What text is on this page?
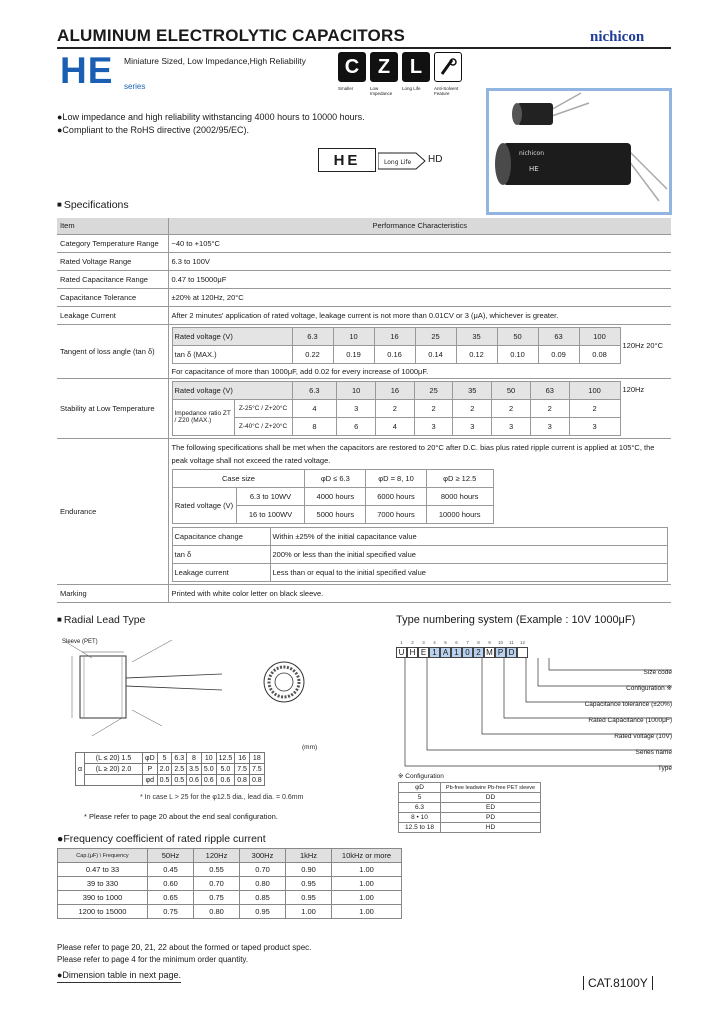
ALUMINUM ELECTROLYTIC CAPACITORS	nichicon
HE Miniature Sized, Low Impedance,High Reliability
series
C Z L
Smaller	Low Impedance
Long Life	Anti-Solvent Feature
●Low impedance and high reliability withstancing 4000 hours to 10000 hours.
●Compliant to the RoHS directive (2002/95/EC).
nichicon
HE
HE	Long Life HD
■ Specifications
Item	Performance Characteristics
Category Temperature Range	−40 to +105°C
Rated Voltage Range	6.3 to 100V
Rated Capacitance Range	0.47 to 15000μF
Capacitance Tolerance	±20% at 120Hz, 20°C
Leakage Current	After 2 minutes' application of rated voltage, leakage current is not more than 0.01CV or 3 (μA), whichever is greater.
Tangent of loss angle (tan δ)	
Rated voltage (V)	6.3	10	16	25	35	50	63	100	120Hz 20°C
tan δ (MAX.)	0.22	0.19	0.16	0.14	0.12	0.10	0.09	0.08
For capacitance of more than 1000μF, add 0.02 for every increase of 1000μF.

Stability at Low Temperature	
Rated voltage (V)	6.3	10	16	25	35	50	63	100	120Hz
Impedance ratio ZT / Z20 (MAX.)	Z-25°C / Z+20°C	4	3	2	2	2	2	2	2
Z-40°C / Z+20°C	8	6	4	3	3	3	3	3

Endurance	
The following specifications shall be met when the capacitors are restored to 20°C after D.C. bias plus rated ripple current is applied at 105°C, the peak voltage shall not exceed the rated voltage.
Case size	φD ≤ 6.3	φD = 8, 10	φD ≥ 12.5
Rated voltage (V)	6.3 to 10WV	4000 hours	6000 hours	8000 hours
16 to 100WV	5000 hours	7000 hours	10000 hours
Capacitance change	Within ±25% of the initial capacitance value
tan δ	200% or less than the initial specified value
Leakage current	Less than or equal to the initial specified value

Marking	Printed with white color letter on black sleeve.
■ Radial Lead Type
Sleeve (PET)
(mm)
α	(L ≤ 20) 1.5	φD	5	6.3	8	10	12.5	16	18
	(L ≥ 20) 2.0	P	2.0	2.5	3.5	5.0	5.0	7.5	7.5
		φd	0.5	0.5	0.6	0.6	0.6	0.8	0.8
* In case L > 25 for the φ12.5 dia., lead dia. = 0.6mm
* Please refer to page 20 about the end seal configuration.
Type numbering system (Example : 10V 1000μF)
1	2	3	4	5	6	7	8	9	10	11	12
U H E 1 A 1 0 2 M P D
Size code
Configuration ※
Capacitance tolerance (±20%)
Rated Capacitance (1000μF)
Rated voltage (10V)
Series name
Type
※ Configuration
φD	Pb-free leadwire Pb-free PET sleeve
5	DD
6.3	ED
8 • 10	PD
12.5 to 18	HD
●Frequency coefficient of rated ripple current
Cap.(μF) \ Frequency	50Hz	120Hz	300Hz	1kHz	10kHz or more
0.47 to 33	0.45	0.55	0.70	0.90	1.00
39 to 330	0.60	0.70	0.80	0.95	1.00
390 to 1000	0.65	0.75	0.85	0.95	1.00
1200 to 15000	0.75	0.80	0.95	1.00	1.00
Please refer to page 20, 21, 22 about the formed or taped product spec.
Please refer to page 4 for the minimum order quantity.
●Dimension table in next page.
CAT.8100Y
